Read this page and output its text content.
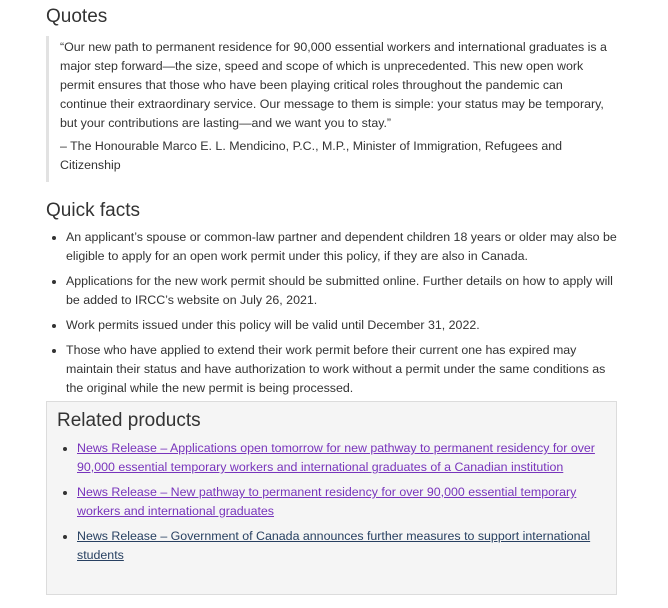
Quotes

“Our new path to permanent residence for 90,000 essential workers and international graduates is a major step forward—the size, speed and scope of which is unprecedented. This new open work permit ensures that those who have been playing critical roles throughout the pandemic can continue their extraordinary service. Our message to them is simple: your status may be temporary, but your contributions are lasting—and we want you to stay.”

– The Honourable Marco E. L. Mendicino, P.C., M.P., Minister of Immigration, Refugees and Citizenship

Quick facts
An applicant’s spouse or common-law partner and dependent children 18 years or older may also be eligible to apply for an open work permit under this policy, if they are also in Canada.
Applications for the new work permit should be submitted online. Further details on how to apply will be added to IRCC’s website on July 26, 2021.
Work permits issued under this policy will be valid until December 31, 2022.
Those who have applied to extend their work permit before their current one has expired may maintain their status and have authorization to work without a permit under the same conditions as the original while the new permit is being processed.
Related products
News Release – Applications open tomorrow for new pathway to permanent residency for over 90,000 essential temporary workers and international graduates of a Canadian institution
News Release – New pathway to permanent residency for over 90,000 essential temporary workers and international graduates
News Release – Government of Canada announces further measures to support international students
